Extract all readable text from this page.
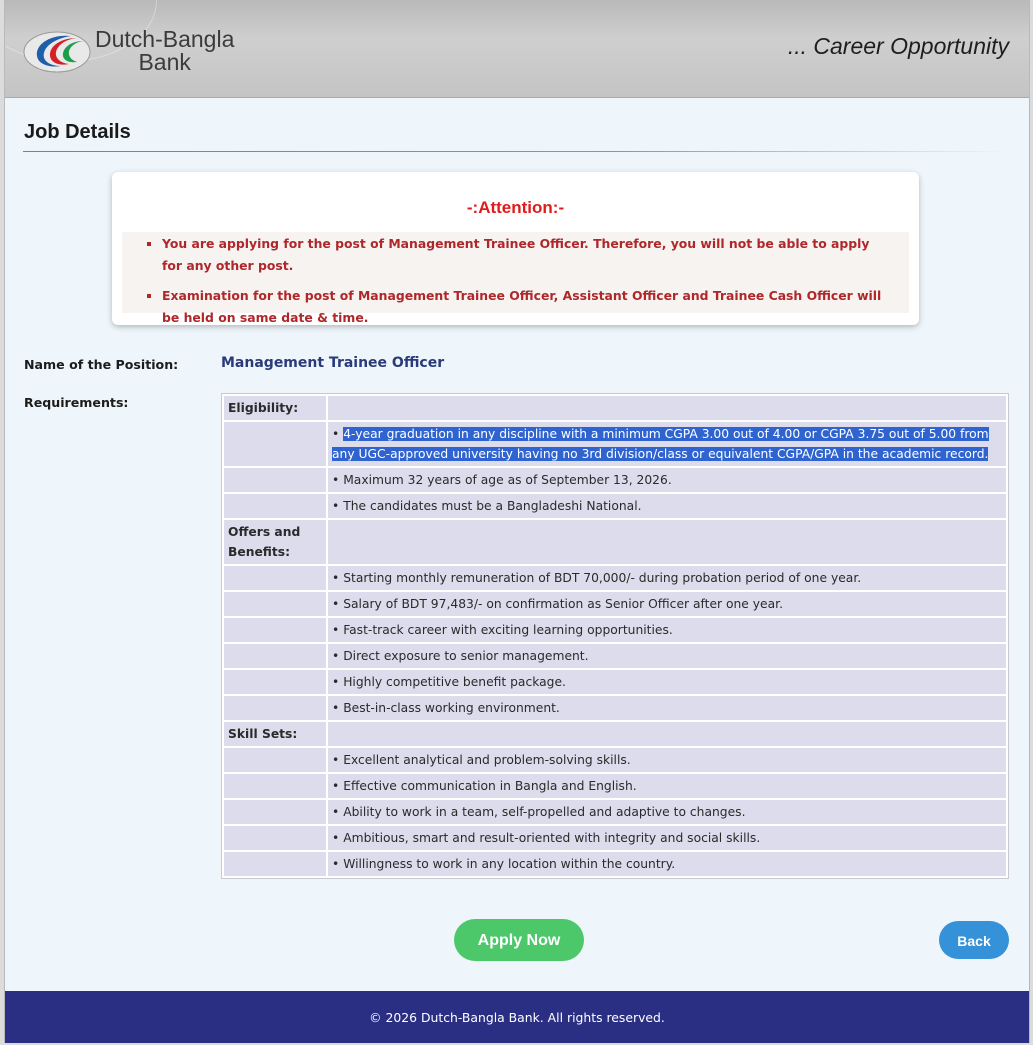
Dutch-Bangla
Bank
... Career Opportunity
Job Details
-:Attention:-
You are applying for the post of Management Trainee Officer. Therefore, you will not be able to apply for any other post.
Examination for the post of Management Trainee Officer, Assistant Officer and Trainee Cash Officer will be held on same date & time.
Name of the Position:	Management Trainee Officer
Requirements:	Eligibility:	
	• 4-year graduation in any discipline with a minimum CGPA 3.00 out of 4.00 or CGPA 3.75 out of 5.00 from any UGC-approved university having no 3rd division/class or equivalent CGPA/GPA in the academic record.
	• Maximum 32 years of age as of September 13, 2026.
	• The candidates must be a Bangladeshi National.
Offers and Benefits:	
	• Starting monthly remuneration of BDT 70,000/- during probation period of one year.
	• Salary of BDT 97,483/- on confirmation as Senior Officer after one year.
	• Fast-track career with exciting learning opportunities.
	• Direct exposure to senior management.
	• Highly competitive benefit package.
	• Best-in-class working environment.
Skill Sets:	
	• Excellent analytical and problem-solving skills.
	• Effective communication in Bangla and English.
	• Ability to work in a team, self-propelled and adaptive to changes.
	• Ambitious, smart and result-oriented with integrity and social skills.
	• Willingness to work in any location within the country.
Apply Now	Back
© 2026 Dutch-Bangla Bank. All rights reserved.
